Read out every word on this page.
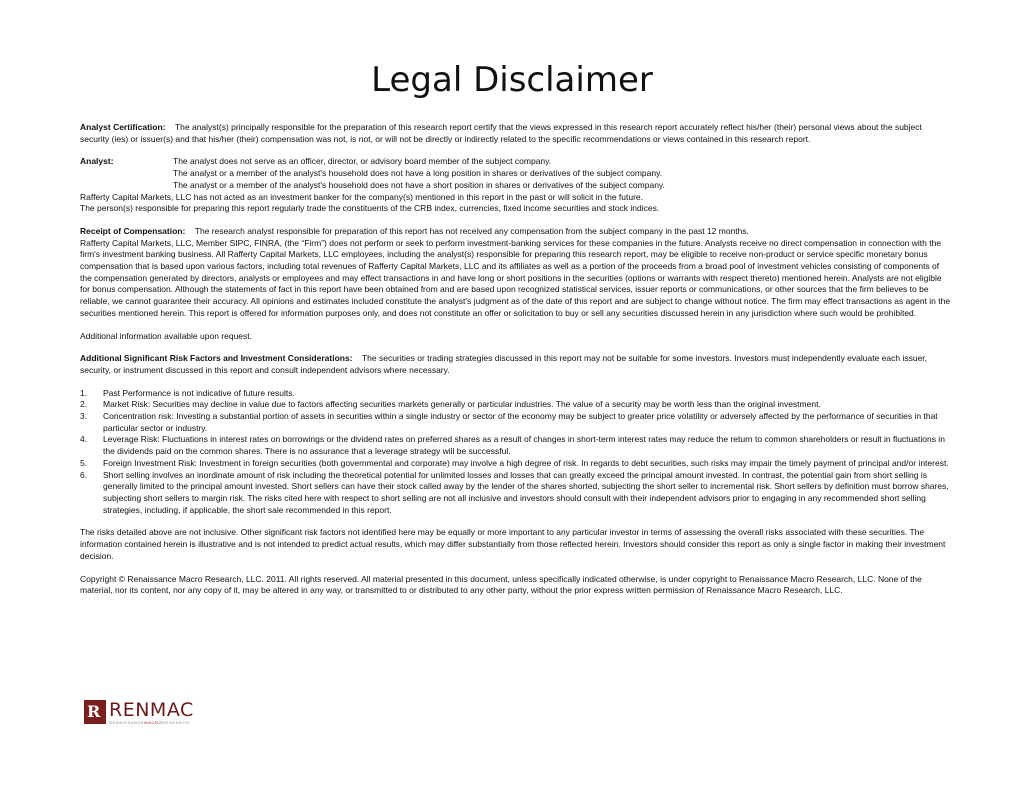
Legal Disclaimer

Analyst Certification: The analyst(s) principally responsible for the preparation of this research report certify that the views expressed in this research report accurately reflect his/her (their) personal views about the subject security (ies) or issuer(s) and that his/her (their) compensation was not, is not, or will not be directly or indirectly related to the specific recommendations or views contained in this research report.

Analyst:	The analyst does not serve as an officer, director, or advisory board member of the subject company.

The analyst or a member of the analyst's household does not have a long position in shares or derivatives of the subject company.

The analyst or a member of the analyst's household does not have a short position in shares or derivatives of the subject company.

Rafferty Capital Markets, LLC has not acted as an investment banker for the company(s) mentioned in this report in the past or will solicit in the future.

The person(s) responsible for preparing this report regularly trade the constituents of the CRB index, currencies, fixed income securities and stock indices.

Receipt of Compensation: The research analyst responsible for preparation of this report has not received any compensation from the subject company in the past 12 months.

Rafferty Capital Markets, LLC, Member SIPC, FINRA, (the “Firm”) does not perform or seek to perform investment-banking services for these companies in the future. Analysts receive no direct compensation in connection with the firm's investment banking business. All Rafferty Capital Markets, LLC employees, including the analyst(s) responsible for preparing this research report, may be eligible to receive non-product or service specific monetary bonus compensation that is based upon various factors, including total revenues of Rafferty Capital Markets, LLC and its affiliates as well as a portion of the proceeds from a broad pool of investment vehicles consisting of components of the compensation generated by directors, analysts or employees and may effect transactions in and have long or short positions in the securities (options or warrants with respect thereto) mentioned herein. Analysts are not eligible for bonus compensation. Although the statements of fact in this report have been obtained from and are based upon recognized statistical services, issuer reports or communications, or other sources that the firm believes to be reliable, we cannot guarantee their accuracy. All opinions and estimates included constitute the analyst's judgment as of the date of this report and are subject to change without notice. The firm may effect transactions as agent in the securities mentioned herein. This report is offered for information purposes only, and does not constitute an offer or solicitation to buy or sell any securities discussed herein in any jurisdiction where such would be prohibited.

Additional information available upon request.

Additional Significant Risk Factors and Investment Considerations: The securities or trading strategies discussed in this report may not be suitable for some investors. Investors must independently evaluate each issuer, security, or instrument discussed in this report and consult independent advisors where necessary.

1. Past Performance is not indicative of future results.
2. Market Risk: Securities may decline in value due to factors affecting securities markets generally or particular industries. The value of a security may be worth less than the original investment.
3. Concentration risk: Investing a substantial portion of assets in securities within a single industry or sector of the economy may be subject to greater price volatility or adversely affected by the performance of securities in that particular sector or industry.
4. Leverage Risk: Fluctuations in interest rates on borrowings or the dividend rates on preferred shares as a result of changes in short-term interest rates may reduce the return to common shareholders or result in fluctuations in the dividends paid on the common shares. There is no assurance that a leverage strategy will be successful.
5. Foreign Investment Risk: Investment in foreign securities (both governmental and corporate) may involve a high degree of risk. In regards to debt securities, such risks may impair the timely payment of principal and/or interest.
6. Short selling involves an inordinate amount of risk including the theoretical potential for unlimited losses and losses that can greatly exceed the principal amount invested. In contrast, the potential gain from short selling is generally limited to the principal amount invested. Short sellers can have their stock called away by the lender of the shares shorted, subjecting the short seller to incremental risk. Short sellers by definition must borrow shares, subjecting short sellers to margin risk. The risks cited here with respect to short selling are not all inclusive and investors should consult with their independent advisors prior to engaging in any recommended short selling strategies, including, if applicable, the short sale recommended in this report.

The risks detailed above are not inclusive. Other significant risk factors not identified here may be equally or more important to any particular investor in terms of assessing the overall risks associated with these securities. The information contained herein is illustrative and is not intended to predict actual results, which may differ substantially from those reflected herein. Investors should consider this report as only a single factor in making their investment decision.

Copyright © Renaissance Macro Research, LLC. 2011. All rights reserved. All material presented in this document, unless specifically indicated otherwise, is under copyright to Renaissance Macro Research, LLC. None of the material, nor its content, nor any copy of it, may be altered in any way, or transmitted to or distributed to any other party, without the prior express written permission of Renaissance Macro Research, LLC.

R RENMAC
RENAISSANCEMACRORESEARCH
